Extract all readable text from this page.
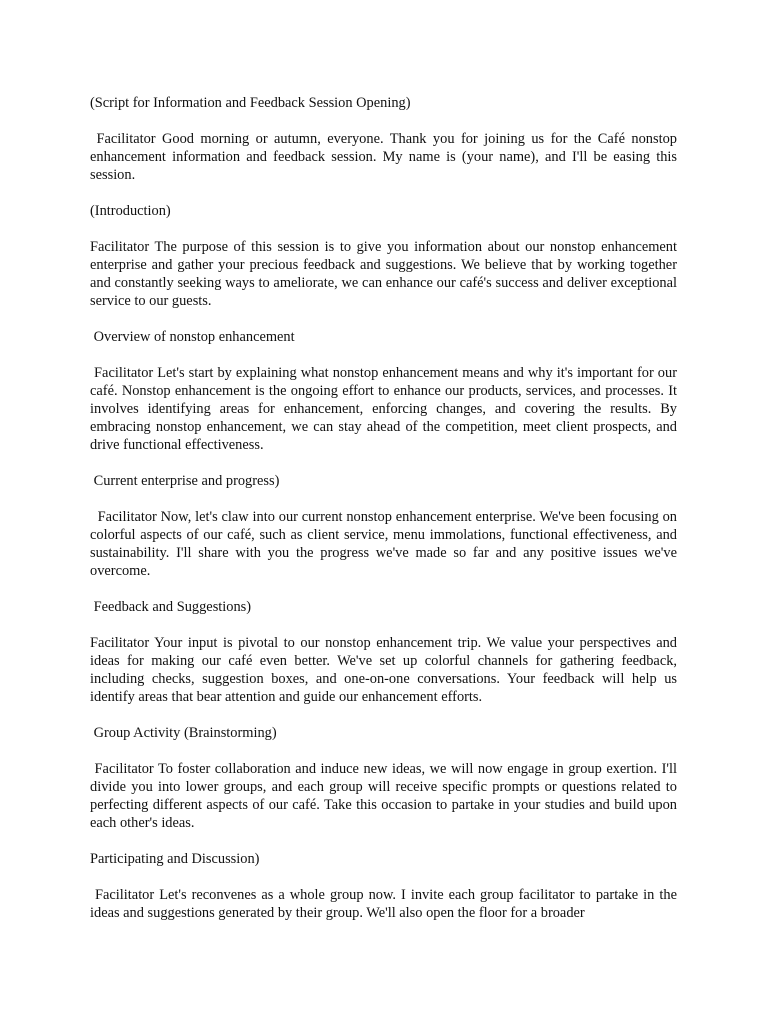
(Script for Information and Feedback Session Opening)

Facilitator Good morning or autumn, everyone. Thank you for joining us for the Café nonstop enhancement information and feedback session. My name is (your name), and I'll be easing this session.

(Introduction)

Facilitator The purpose of this session is to give you information about our nonstop enhancement enterprise and gather your precious feedback and suggestions. We believe that by working together and constantly seeking ways to ameliorate, we can enhance our café's success and deliver exceptional service to our guests.

Overview of nonstop enhancement

Facilitator Let's start by explaining what nonstop enhancement means and why it's important for our café. Nonstop enhancement is the ongoing effort to enhance our products, services, and processes. It involves identifying areas for enhancement, enforcing changes, and covering the results. By embracing nonstop enhancement, we can stay ahead of the competition, meet client prospects, and drive functional effectiveness.

Current enterprise and progress)

Facilitator Now, let's claw into our current nonstop enhancement enterprise. We've been focusing on colorful aspects of our café, such as client service, menu immolations, functional effectiveness, and sustainability. I'll share with you the progress we've made so far and any positive issues we've overcome.

Feedback and Suggestions)

Facilitator Your input is pivotal to our nonstop enhancement trip. We value your perspectives and ideas for making our café even better. We've set up colorful channels for gathering feedback, including checks, suggestion boxes, and one-on-one conversations. Your feedback will help us identify areas that bear attention and guide our enhancement efforts.

Group Activity (Brainstorming)

Facilitator To foster collaboration and induce new ideas, we will now engage in group exertion. I'll divide you into lower groups, and each group will receive specific prompts or questions related to perfecting different aspects of our café. Take this occasion to partake in your studies and build upon each other's ideas.

Participating and Discussion)

Facilitator Let's reconvenes as a whole group now. I invite each group facilitator to partake in the ideas and suggestions generated by their group. We'll also open the floor for a broader
